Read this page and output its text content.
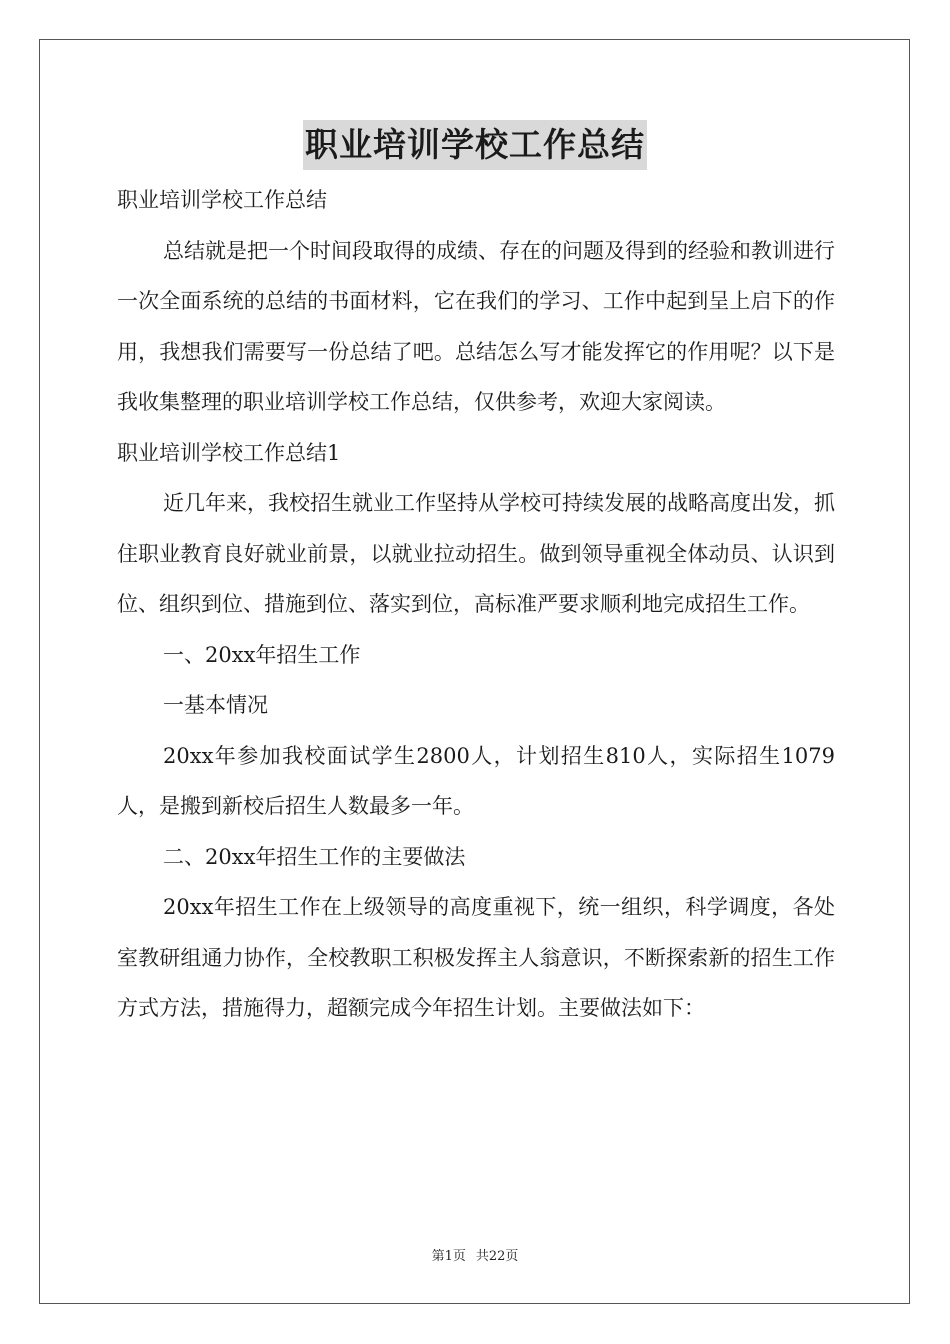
职业培训学校工作总结

职业培训学校工作总结

总结就是把一个时间段取得的成绩、存在的问题及得到的经验和教训进行一次全面系统的总结的书面材料，它在我们的学习、工作中起到呈上启下的作用，我想我们需要写一份总结了吧。总结怎么写才能发挥它的作用呢？以下是我收集整理的职业培训学校工作总结，仅供参考，欢迎大家阅读。

职业培训学校工作总结1

近几年来，我校招生就业工作坚持从学校可持续发展的战略高度出发，抓住职业教育良好就业前景，以就业拉动招生。做到领导重视全体动员、认识到位、组织到位、措施到位、落实到位，高标准严要求顺利地完成招生工作。

一、20xx年招生工作

一基本情况

20xx年参加我校面试学生2800人，计划招生810人，实际招生1079人，是搬到新校后招生人数最多一年。

二、20xx年招生工作的主要做法

20xx年招生工作在上级领导的高度重视下，统一组织，科学调度，各处室教研组通力协作，全校教职工积极发挥主人翁意识，不断探索新的招生工作方式方法，措施得力，超额完成今年招生计划。主要做法如下：

第1页 共22页
